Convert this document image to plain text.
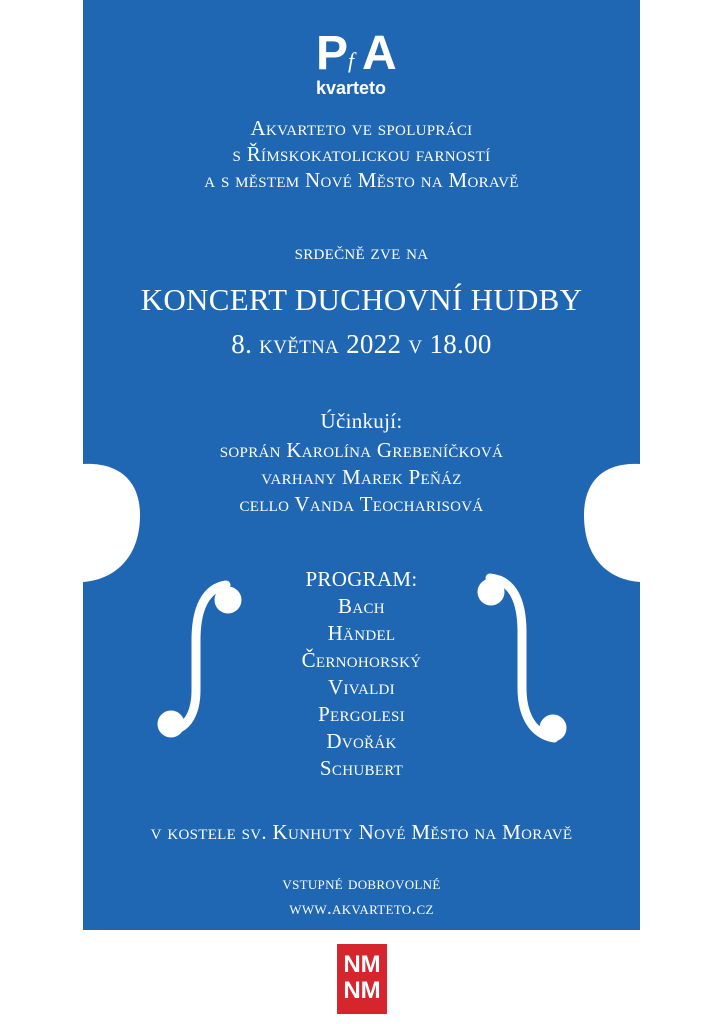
P f A
kvarteto
Akvarteto ve spolupráci
s Římskokatolickou farností
a s městem Nové Město na Moravě
srdečně zve na
KONCERT DUCHOVNÍ HUDBY
8. května 2022 v 18.00
Účinkují:
soprán Karolína Grebeníčková
varhany Marek Peňáz
cello Vanda Teocharisová
PROGRAM:
Bach
Händel
Černohorský
Vivaldi
Pergolesi
Dvořák
Schubert
v kostele sv. Kunhuty Nové Město na Moravě
vstupné dobrovolné
www.akvarteto.cz
NM
NM
